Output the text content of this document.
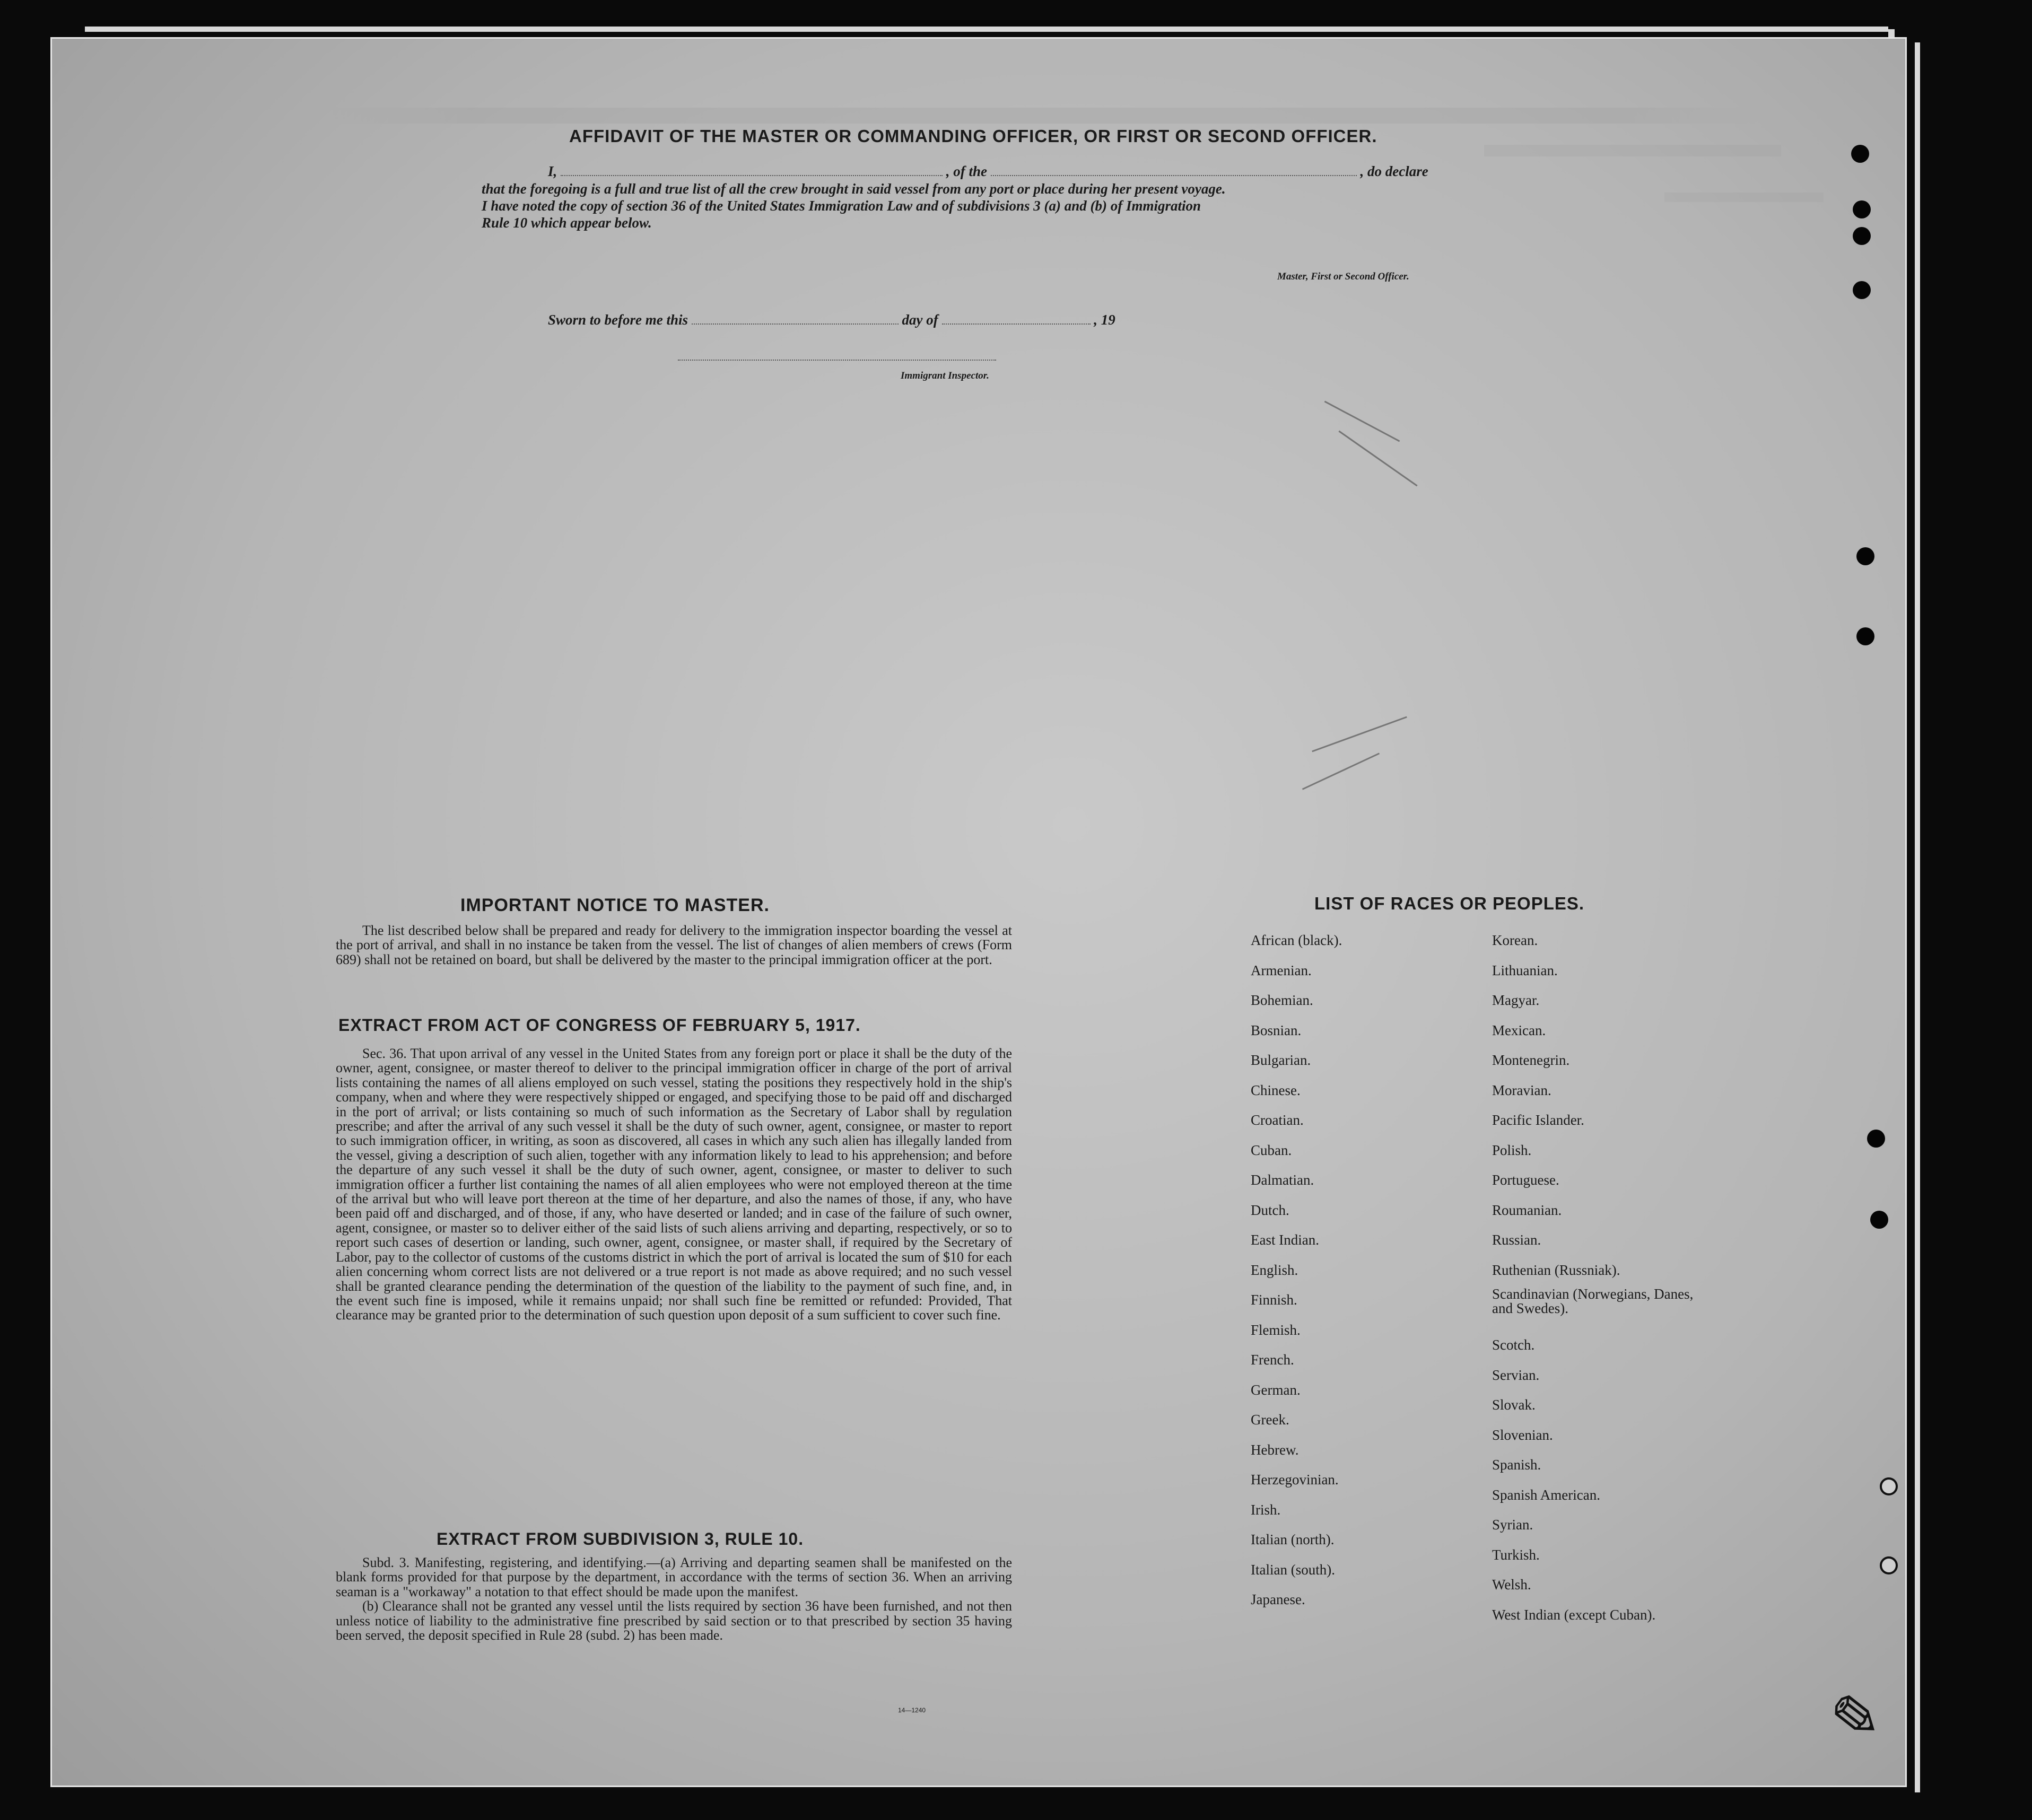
AFFIDAVIT OF THE MASTER OR COMMANDING OFFICER, OR FIRST OR SECOND OFFICER.
I,	, of the	, do declare
that the foregoing is a full and true list of all the crew brought in said vessel from any port or place during her present voyage.
I have noted the copy of section 36 of the United States Immigration Law and of subdivisions 3 (a) and (b) of Immigration
Rule 10 which appear below.
Master, First or Second Officer.
Sworn to before me this	day of	, 19
Immigrant Inspector.
IMPORTANT NOTICE TO MASTER.

The list described below shall be prepared and ready for delivery to the immigration inspector boarding the vessel at the port of arrival, and shall in no instance be taken from the vessel. The list of changes of alien members of crews (Form 689) shall not be retained on board, but shall be delivered by the master to the principal immigration officer at the port.

EXTRACT FROM ACT OF CONGRESS OF FEBRUARY 5, 1917.

Sec. 36. That upon arrival of any vessel in the United States from any foreign port or place it shall be the duty of the owner, agent, consignee, or master thereof to deliver to the principal immigration officer in charge of the port of arrival lists containing the names of all aliens employed on such vessel, stating the positions they respectively hold in the ship's company, when and where they were respectively shipped or engaged, and specifying those to be paid off and discharged in the port of arrival; or lists containing so much of such information as the Secretary of Labor shall by regulation prescribe; and after the arrival of any such vessel it shall be the duty of such owner, agent, consignee, or master to report to such immigration officer, in writing, as soon as discovered, all cases in which any such alien has illegally landed from the vessel, giving a description of such alien, together with any information likely to lead to his apprehension; and before the departure of any such vessel it shall be the duty of such owner, agent, consignee, or master to deliver to such immigration officer a further list containing the names of all alien employees who were not employed thereon at the time of the arrival but who will leave port thereon at the time of her departure, and also the names of those, if any, who have been paid off and discharged, and of those, if any, who have deserted or landed; and in case of the failure of such owner, agent, consignee, or master so to deliver either of the said lists of such aliens arriving and departing, respectively, or so to report such cases of desertion or landing, such owner, agent, consignee, or master shall, if required by the Secretary of Labor, pay to the collector of customs of the customs district in which the port of arrival is located the sum of $10 for each alien concerning whom correct lists are not delivered or a true report is not made as above required; and no such vessel shall be granted clearance pending the determination of the question of the liability to the payment of such fine, and, in the event such fine is imposed, while it remains unpaid; nor shall such fine be remitted or refunded: Provided, That clearance may be granted prior to the determination of such question upon deposit of a sum sufficient to cover such fine.

EXTRACT FROM SUBDIVISION 3, RULE 10.

Subd. 3. Manifesting, registering, and identifying.—(a) Arriving and departing seamen shall be manifested on the blank forms provided for that purpose by the department, in accordance with the terms of section 36. When an arriving seaman is a "workaway" a notation to that effect should be made upon the manifest.

(b) Clearance shall not be granted any vessel until the lists required by section 36 have been furnished, and not then unless notice of liability to the administrative fine prescribed by said section or to that prescribed by section 35 having been served, the deposit specified in Rule 28 (subd. 2) has been made.

14—1240
LIST OF RACES OR PEOPLES.
African (black).
Armenian.
Bohemian.
Bosnian.
Bulgarian.
Chinese.
Croatian.
Cuban.
Dalmatian.
Dutch.
East Indian.
English.
Finnish.
Flemish.
French.
German.
Greek.
Hebrew.
Herzegovinian.
Irish.
Italian (north).
Italian (south).
Japanese.
Korean.
Lithuanian.
Magyar.
Mexican.
Montenegrin.
Moravian.
Pacific Islander.
Polish.
Portuguese.
Roumanian.
Russian.
Ruthenian (Russniak).
Scandinavian (Norwegians, Danes, and Swedes).
Scotch.
Servian.
Slovak.
Slovenian.
Spanish.
Spanish American.
Syrian.
Turkish.
Welsh.
West Indian (except Cuban).
✎
